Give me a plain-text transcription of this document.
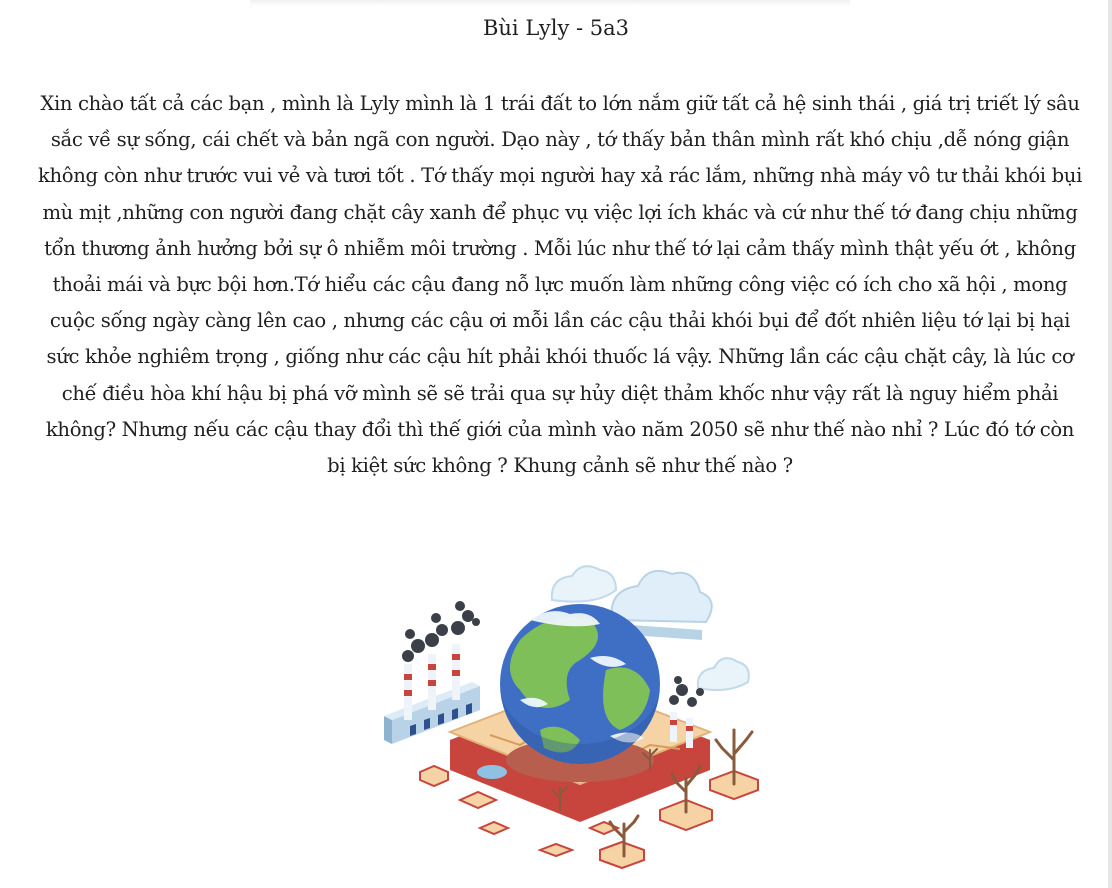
Bùi Lyly - 5a3

Xin chào tất cả các bạn , mình là Lyly mình là 1 trái đất to lớn nắm giữ tất cả hệ sinh thái , giá trị triết lý sâu sắc về sự sống, cái chết và bản ngã con người. Dạo này , tớ thấy bản thân mình rất khó chịu ,dễ nóng giận không còn như trước vui vẻ và tươi tốt . Tớ thấy mọi người hay xả rác lắm, những nhà máy vô tư thải khói bụi mù mịt ,những con người đang chặt cây xanh để phục vụ việc lợi ích khác và cứ như thế tớ đang chịu những tổn thương ảnh hưởng bởi sự ô nhiễm môi trường . Mỗi lúc như thế tớ lại cảm thấy mình thật yếu ớt , không thoải mái và bực bội hơn.Tớ hiểu các cậu đang nỗ lực muốn làm những công việc có ích cho xã hội , mong cuộc sống ngày càng lên cao , nhưng các cậu ơi mỗi lần các cậu thải khói bụi để đốt nhiên liệu tớ lại bị hại sức khỏe nghiêm trọng , giống như các cậu hít phải khói thuốc lá vậy. Những lần các cậu chặt cây, là lúc cơ chế điều hòa khí hậu bị phá vỡ mình sẽ sẽ trải qua sự hủy diệt thảm khốc như vậy rất là nguy hiểm phải không? Nhưng nếu các cậu thay đổi thì thế giới của mình vào năm 2050 sẽ như thế nào nhỉ ? Lúc đó tớ còn bị kiệt sức không ? Khung cảnh sẽ như thế nào ?
